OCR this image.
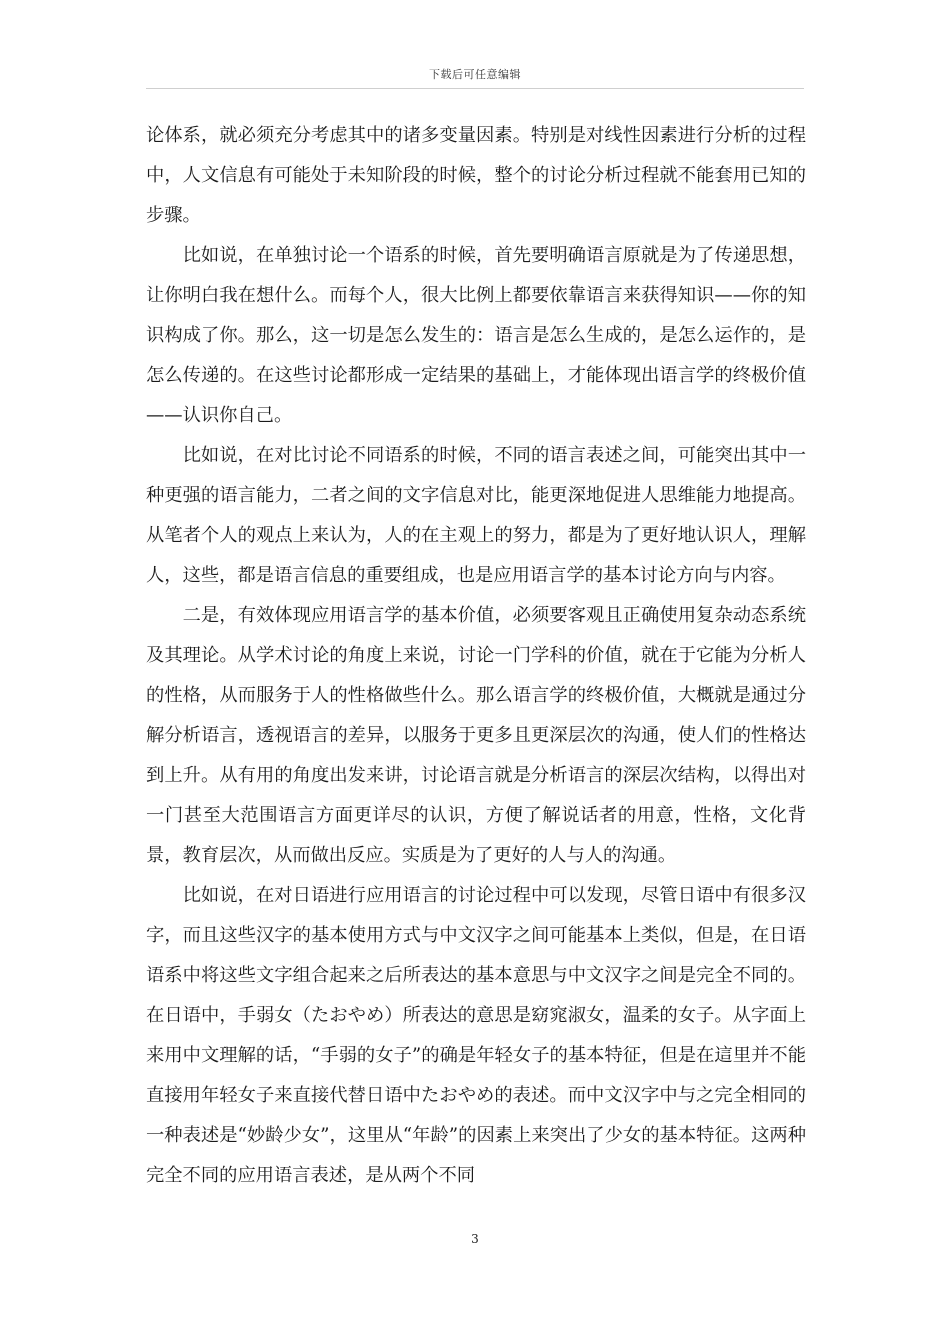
下载后可任意编辑

论体系，就必须充分考虑其中的诸多变量因素。特别是对线性因素进行分析的过程中，人文信息有可能处于未知阶段的时候，整个的讨论分析过程就不能套用已知的步骤。

比如说，在单独讨论一个语系的时候，首先要明确语言原就是为了传递思想，让你明白我在想什么。而每个人，很大比例上都要依靠语言来获得知识——你的知识构成了你。那么，这一切是怎么发生的：语言是怎么生成的，是怎么运作的，是怎么传递的。在这些讨论都形成一定结果的基础上，才能体现出语言学的终极价值——认识你自己。

比如说，在对比讨论不同语系的时候，不同的语言表述之间，可能突出其中一种更强的语言能力，二者之间的文字信息对比，能更深地促进人思维能力地提高。从笔者个人的观点上来认为，人的在主观上的努力，都是为了更好地认识人，理解人，这些，都是语言信息的重要组成，也是应用语言学的基本讨论方向与内容。

二是，有效体现应用语言学的基本价值，必须要客观且正确使用复杂动态系统及其理论。从学术讨论的角度上来说，讨论一门学科的价值，就在于它能为分析人的性格，从而服务于人的性格做些什么。那么语言学的终极价值，大概就是通过分解分析语言，透视语言的差异，以服务于更多且更深层次的沟通，使人们的性格达到上升。从有用的角度出发来讲，讨论语言就是分析语言的深层次结构，以得出对一门甚至大范围语言方面更详尽的认识，方便了解说话者的用意，性格，文化背景，教育层次，从而做出反应。实质是为了更好的人与人的沟通。

比如说，在对日语进行应用语言的讨论过程中可以发现，尽管日语中有很多汉字，而且这些汉字的基本使用方式与中文汉字之间可能基本上类似，但是，在日语语系中将这些文字组合起来之后所表达的基本意思与中文汉字之间是完全不同的。在日语中，手弱女（たおやめ）所表达的意思是窈窕淑女，温柔的女子。从字面上来用中文理解的话，“手弱的女子”的确是年轻女子的基本特征，但是在這里并不能直接用年轻女子来直接代替日语中たおやめ的表述。而中文汉字中与之完全相同的一种表述是“妙龄少女”，这里从“年龄”的因素上来突出了少女的基本特征。这两种完全不同的应用语言表述，是从两个不同

3
